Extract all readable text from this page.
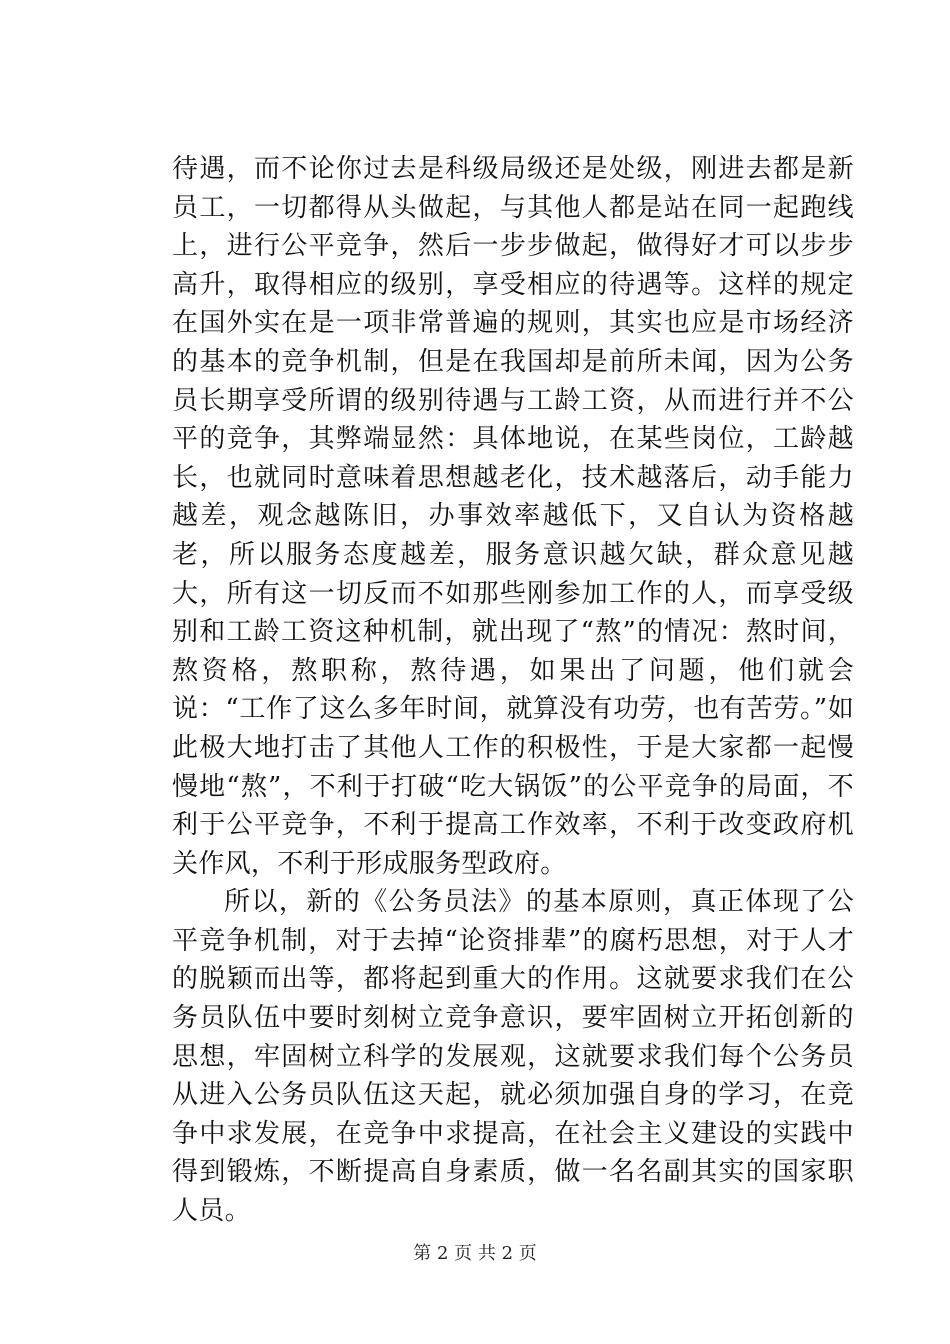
待遇，而不论你过去是科级局级还是处级，刚进去都是新员工，一切都得从头做起，与其他人都是站在同一起跑线上，进行公平竞争，然后一步步做起，做得好才可以步步高升，取得相应的级别，享受相应的待遇等。这样的规定在国外实在是一项非常普遍的规则，其实也应是市场经济的基本的竞争机制，但是在我国却是前所未闻，因为公务员长期享受所谓的级别待遇与工龄工资，从而进行并不公平的竞争，其弊端显然：具体地说，在某些岗位，工龄越长，也就同时意味着思想越老化，技术越落后，动手能力越差，观念越陈旧，办事效率越低下，又自认为资格越老，所以服务态度越差，服务意识越欠缺，群众意见越大，所有这一切反而不如那些刚参加工作的人，而享受级别和工龄工资这种机制，就出现了“熬”的情况：熬时间，熬资格，熬职称，熬待遇，如果出了问题，他们就会说：“工作了这么多年时间，就算没有功劳，也有苦劳。”如此极大地打击了其他人工作的积极性，于是大家都一起慢慢地“熬”，不利于打破“吃大锅饭”的公平竞争的局面，不利于公平竞争，不利于提高工作效率，不利于改变政府机关作风，不利于形成服务型政府。

所以，新的《公务员法》的基本原则，真正体现了公平竞争机制，对于去掉“论资排辈”的腐朽思想，对于人才的脱颖而出等，都将起到重大的作用。这就要求我们在公务员队伍中要时刻树立竞争意识，要牢固树立开拓创新的思想，牢固树立科学的发展观，这就要求我们每个公务员从进入公务员队伍这天起，就必须加强自身的学习，在竞争中求发展，在竞争中求提高，在社会主义建设的实践中得到锻炼，不断提高自身素质，做一名名副其实的国家职人员。

第 2 页 共 2 页
